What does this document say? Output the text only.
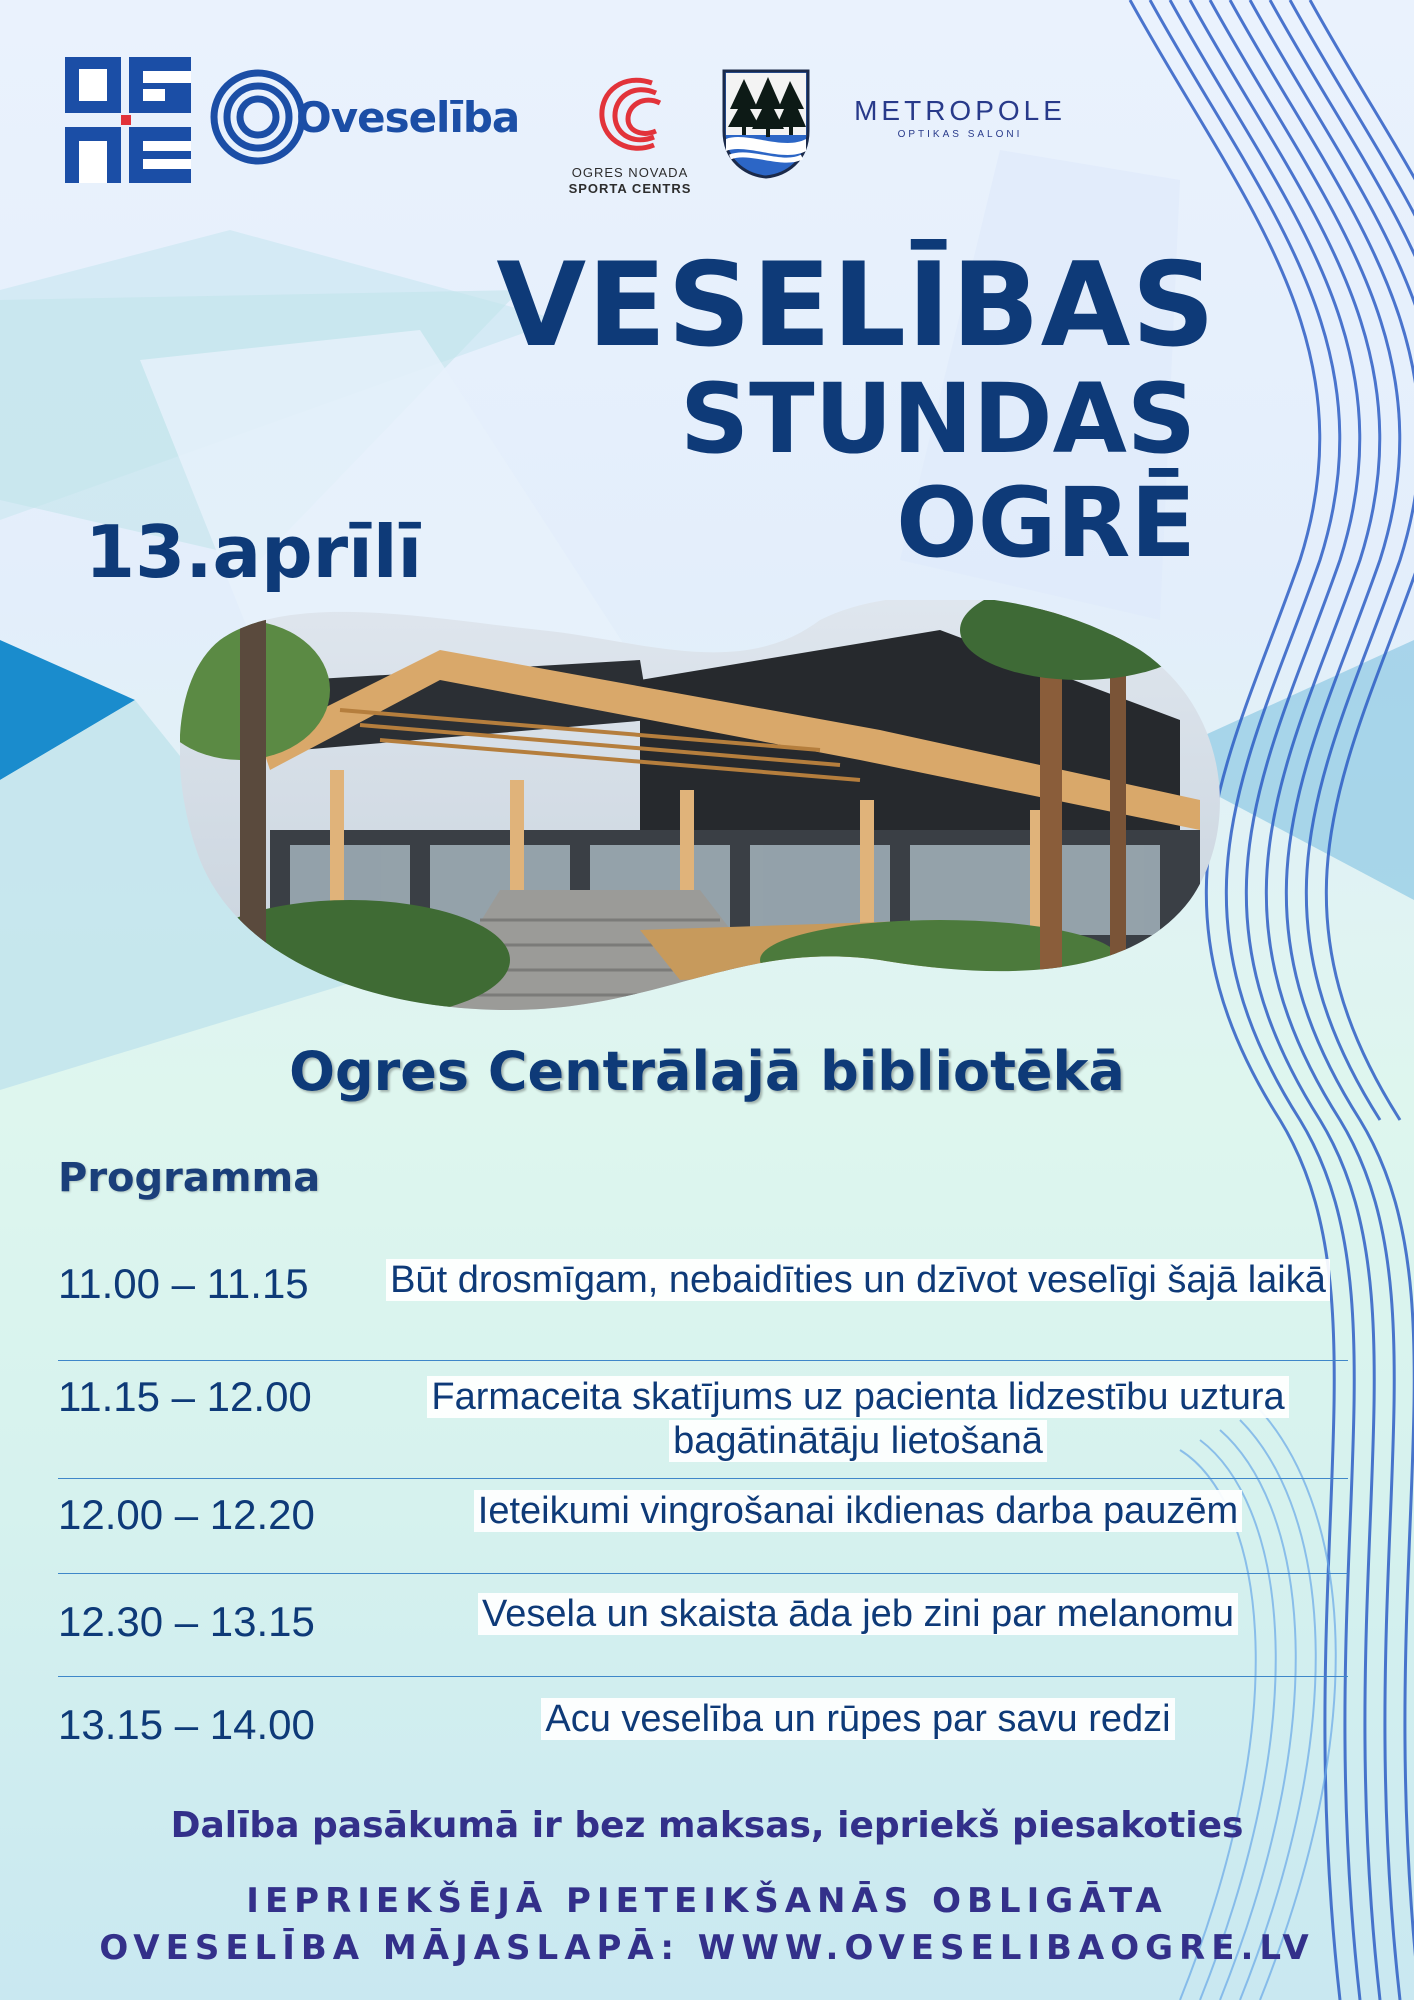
Oveselība
OGRES NOVADA
SPORTA CENTRS
METROPOLE
OPTIKAS SALONI
VESELĪBAS
STUNDAS
OGRĒ
13.aprīlī
Ogres Centrālajā bibliotēkā
Programma
11.00 – 11.15	Būt drosmīgam, nebaidīties un dzīvot veselīgi šajā laikā
11.15 – 12.00	Farmaceita skatījums uz pacienta lidzestību uztura bagātinātāju lietošanā
12.00 – 12.20	Ieteikumi vingrošanai ikdienas darba pauzēm
12.30 – 13.15	Vesela un skaista āda jeb zini par melanomu
13.15 – 14.00	Acu veselība un rūpes par savu redzi
Dalība pasākumā ir bez maksas, iepriekš piesakoties
IEPRIEKŠĒJĀ PIETEIKŠANĀS OBLIGĀTA
OVESELĪBA MĀJASLAPĀ: WWW.OVESELIBAOGRE.LV
